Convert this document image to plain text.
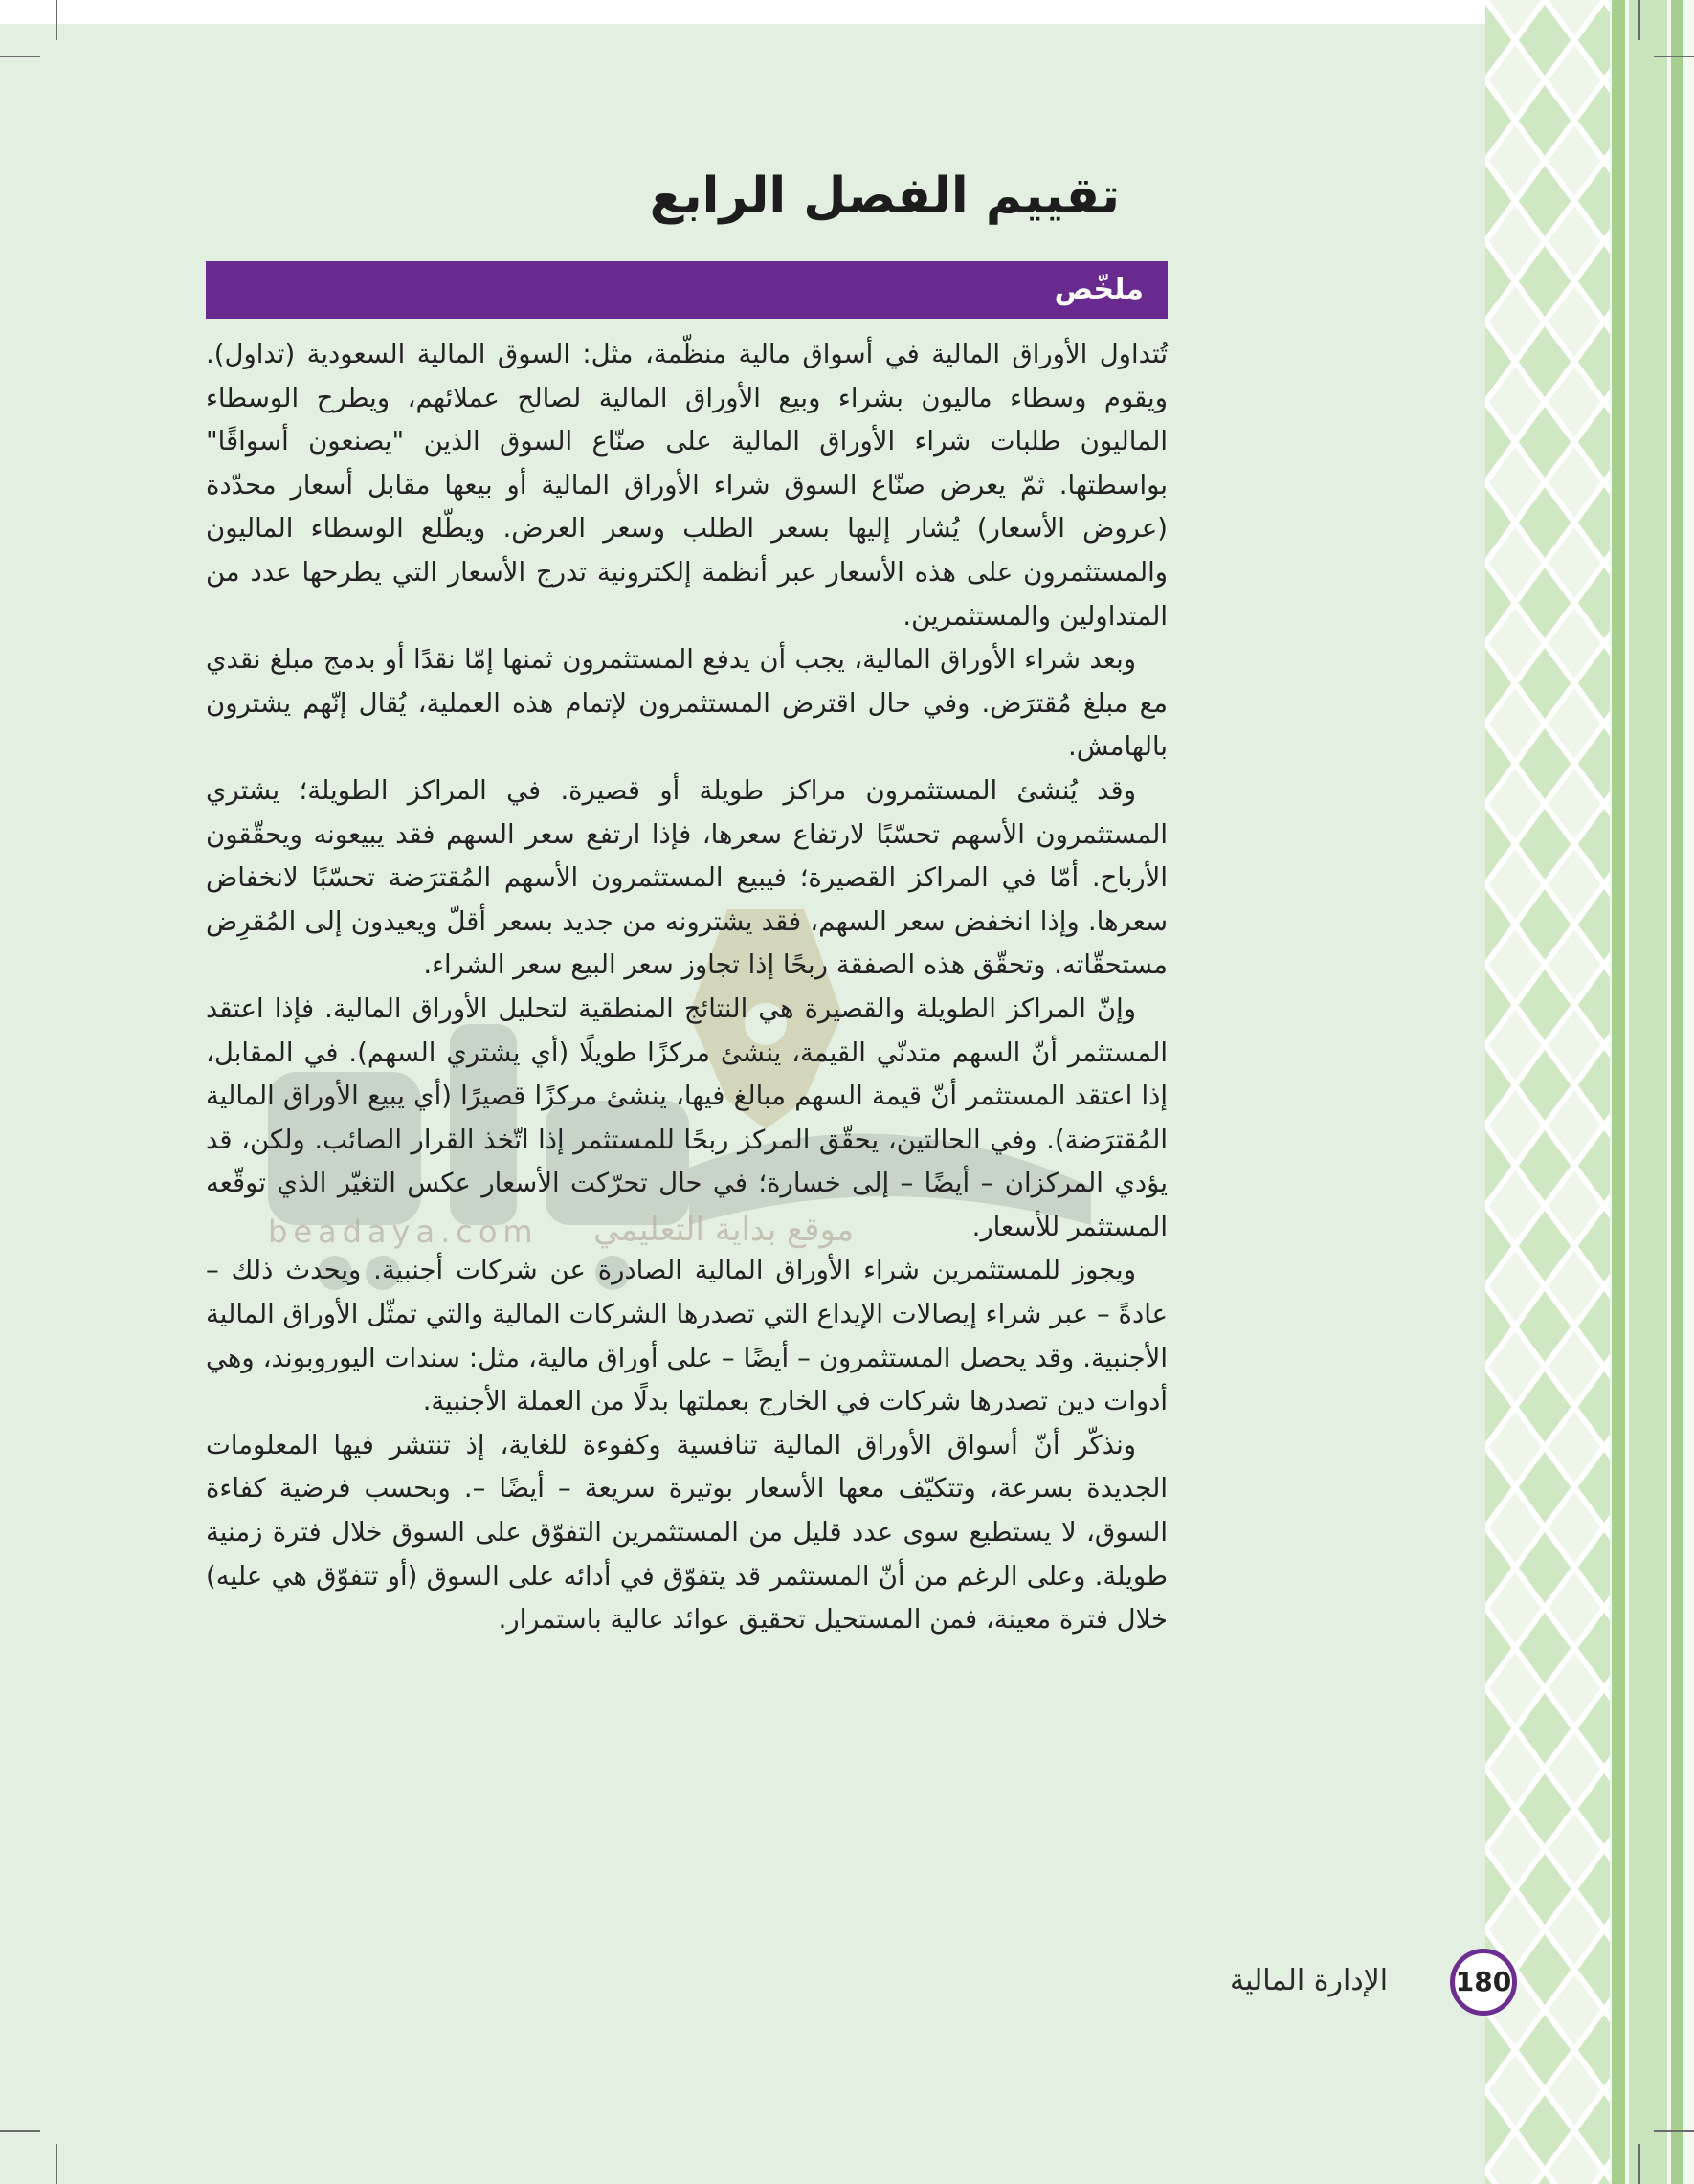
تقييم الفصل الرابع
ملخّص
موقع بداية التعليمي
beadaya.com

تُتداول الأوراق المالية في أسواق مالية منظّمة، مثل: السوق المالية السعودية (تداول). ويقوم وسطاء ماليون بشراء وبيع الأوراق المالية لصالح عملائهم، ويطرح الوسطاء الماليون طلبات شراء الأوراق المالية على صنّاع السوق الذين "يصنعون أسواقًا" بواسطتها. ثمّ يعرض صنّاع السوق شراء الأوراق المالية أو بيعها مقابل أسعار محدّدة (عروض الأسعار) يُشار إليها بسعر الطلب وسعر العرض. ويطّلع الوسطاء الماليون والمستثمرون على هذه الأسعار عبر أنظمة إلكترونية تدرج الأسعار التي يطرحها عدد من المتداولين والمستثمرين.

وبعد شراء الأوراق المالية، يجب أن يدفع المستثمرون ثمنها إمّا نقدًا أو بدمج مبلغ نقدي مع مبلغ مُقترَض. وفي حال اقترض المستثمرون لإتمام هذه العملية، يُقال إنّهم يشترون بالهامش.

وقد يُنشئ المستثمرون مراكز طويلة أو قصيرة. في المراكز الطويلة؛ يشتري المستثمرون الأسهم تحسّبًا لارتفاع سعرها، فإذا ارتفع سعر السهم فقد يبيعونه ويحقّقون الأرباح. أمّا في المراكز القصيرة؛ فيبيع المستثمرون الأسهم المُقترَضة تحسّبًا لانخفاض سعرها. وإذا انخفض سعر السهم، فقد يشترونه من جديد بسعر أقلّ ويعيدون إلى المُقرِض مستحقّاته. وتحقّق هذه الصفقة ربحًا إذا تجاوز سعر البيع سعر الشراء.

وإنّ المراكز الطويلة والقصيرة هي النتائج المنطقية لتحليل الأوراق المالية. فإذا اعتقد المستثمر أنّ السهم متدنّي القيمة، ينشئ مركزًا طويلًا (أي يشتري السهم). في المقابل، إذا اعتقد المستثمر أنّ قيمة السهم مبالغ فيها، ينشئ مركزًا قصيرًا (أي يبيع الأوراق المالية المُقترَضة). وفي الحالتين، يحقّق المركز ربحًا للمستثمر إذا اتّخذ القرار الصائب. ولكن، قد يؤدي المركزان – أيضًا – إلى خسارة؛ في حال تحرّكت الأسعار عكس التغيّر الذي توقّعه المستثمر للأسعار.

ويجوز للمستثمرين شراء الأوراق المالية الصادرة عن شركات أجنبية. ويحدث ذلك – عادةً – عبر شراء إيصالات الإيداع التي تصدرها الشركات المالية والتي تمثّل الأوراق المالية الأجنبية. وقد يحصل المستثمرون – أيضًا – على أوراق مالية، مثل: سندات اليوروبوند، وهي أدوات دين تصدرها شركات في الخارج بعملتها بدلًا من العملة الأجنبية.

ونذكّر أنّ أسواق الأوراق المالية تنافسية وكفوءة للغاية، إذ تنتشر فيها المعلومات الجديدة بسرعة، وتتكيّف معها الأسعار بوتيرة سريعة – أيضًا –. وبحسب فرضية كفاءة السوق، لا يستطيع سوى عدد قليل من المستثمرين التفوّق على السوق خلال فترة زمنية طويلة. وعلى الرغم من أنّ المستثمر قد يتفوّق في أدائه على السوق (أو تتفوّق هي عليه) خلال فترة معينة، فمن المستحيل تحقيق عوائد عالية باستمرار.

الإدارة المالية	180
